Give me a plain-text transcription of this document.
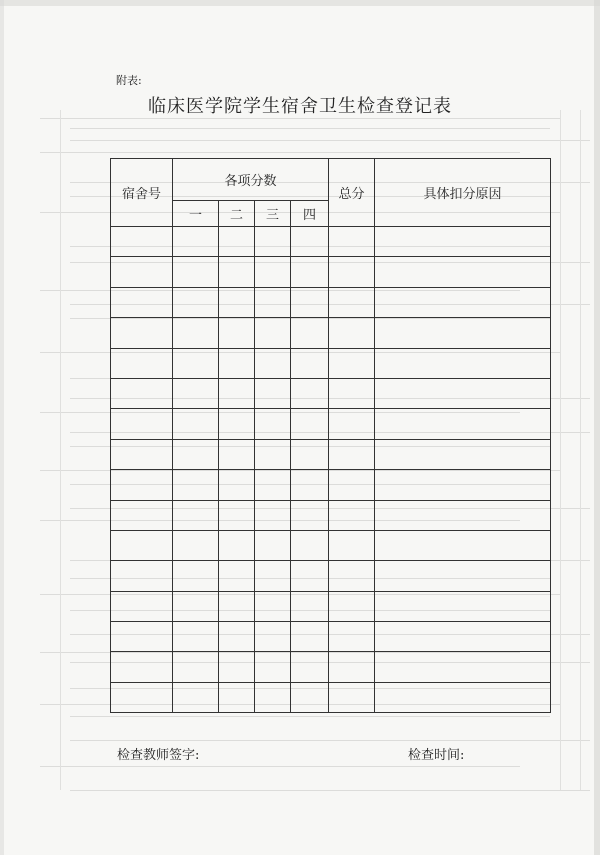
附表:
临床医学院学生宿舍卫生检查登记表
宿舍号	各项分数				总分	具体扣分原因
	一	二	三	四		

检查教师签字:	检查时间:
